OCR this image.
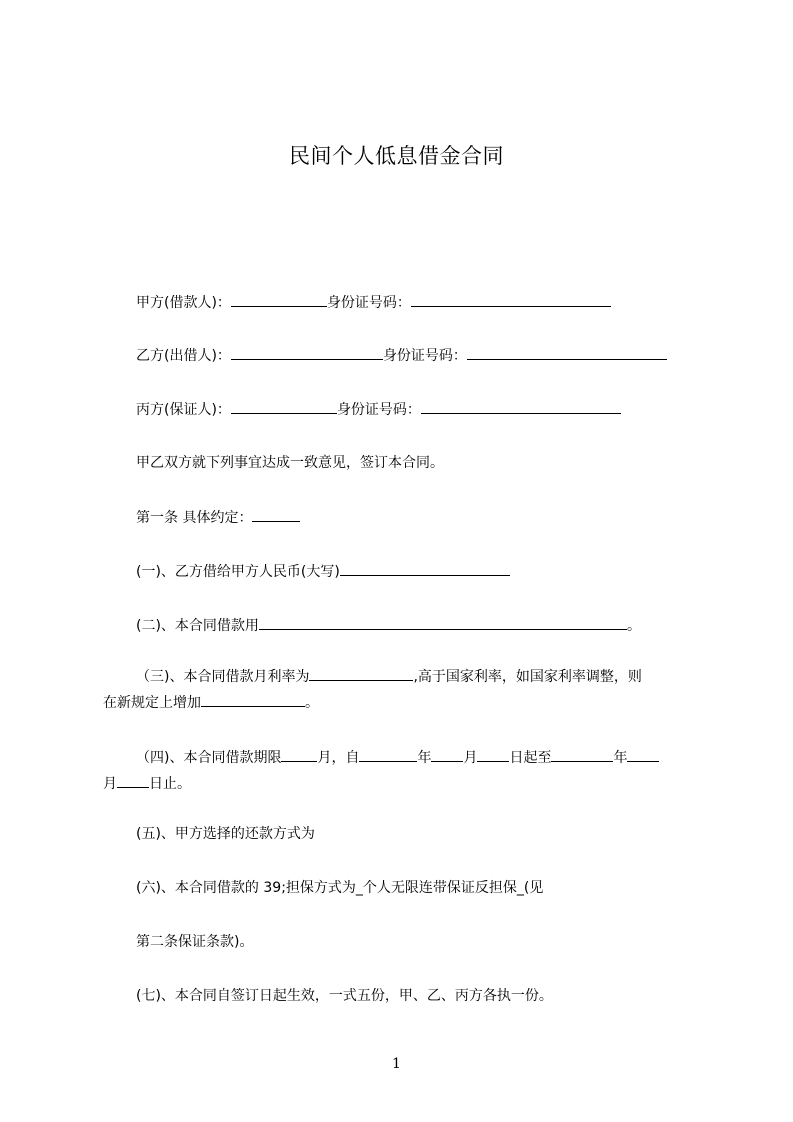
民间个人低息借金合同
甲方(借款人)：	身份证号码：
乙方(出借人)：	身份证号码：
丙方(保证人)：	身份证号码：
甲乙双方就下列事宜达成一致意见，签订本合同。
第一条 具体约定：
(一)、乙方借给甲方人民币(大写)
(二)、本合同借款用	。
（三)、本合同借款月利率为	,高于国家利率，如国家利率调整，则
在新规定上增加	。
（四)、本合同借款期限	月，自	年 月 日起至	年
月 日止。
(五)、甲方选择的还款方式为
(六)、本合同借款的 39;担保方式为_个人无限连带保证反担保_(见
第二条保证条款)。
(七)、本合同自签订日起生效，一式五份，甲、乙、丙方各执一份。
1
